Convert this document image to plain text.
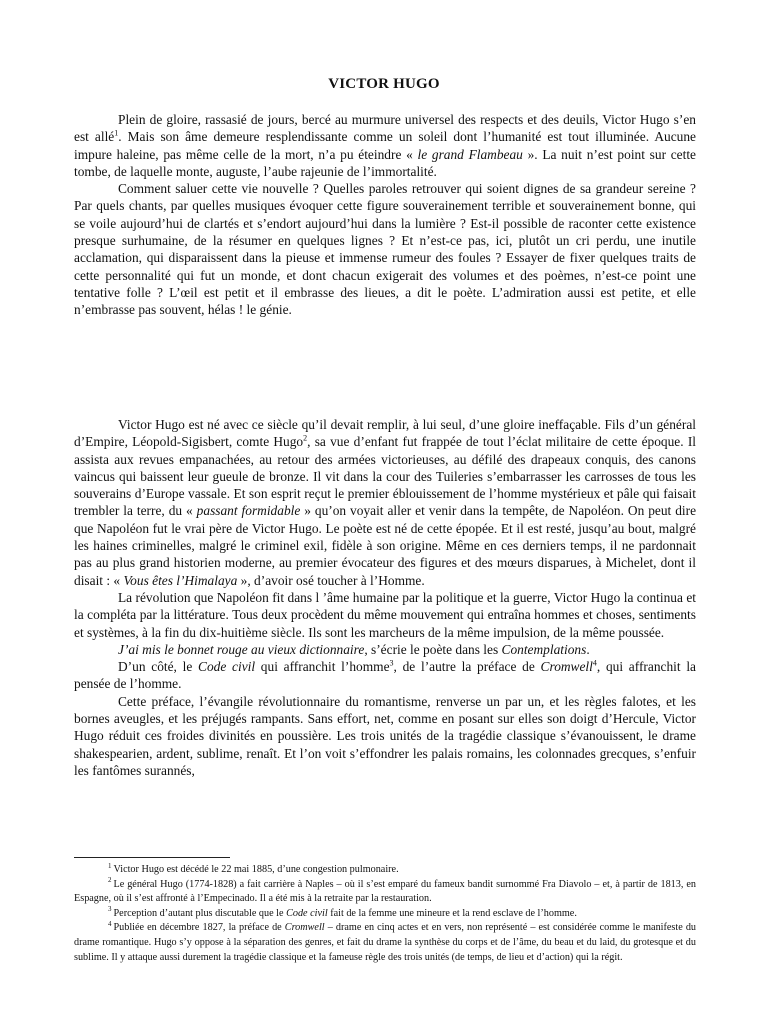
VICTOR HUGO

Plein de gloire, rassasié de jours, bercé au murmure universel des respects et des deuils, Victor Hugo s’en est allé$^1$. Mais son âme demeure resplendissante comme un soleil dont l’humanité est tout illuminée. Aucune impure haleine, pas même celle de la mort, n’a pu éteindre « le grand Flambeau ». La nuit n’est point sur cette tombe, de laquelle monte, auguste, l’aube rajeunie de l’immortalité.

Comment saluer cette vie nouvelle ? Quelles paroles retrouver qui soient dignes de sa grandeur sereine ? Par quels chants, par quelles musiques évoquer cette figure souverainement terrible et souverainement bonne, qui se voile aujourd’hui de clartés et s’endort aujourd’hui dans la lumière ? Est-il possible de raconter cette existence presque surhumaine, de la résumer en quelques lignes ? Et n’est-ce pas, ici, plutôt un cri perdu, une inutile acclamation, qui disparaissent dans la pieuse et immense rumeur des foules ? Essayer de fixer quelques traits de cette personnalité qui fut un monde, et dont chacun exigerait des volumes et des poèmes, n’est-ce point une tentative folle ? L’œil est petit et il embrasse des lieues, a dit le poète. L’admiration aussi est petite, et elle n’embrasse pas souvent, hélas ! le génie.

Victor Hugo est né avec ce siècle qu’il devait remplir, à lui seul, d’une gloire ineffaçable. Fils d’un général d’Empire, Léopold-Sigisbert, comte Hugo$^2$, sa vue d’enfant fut frappée de tout l’éclat militaire de cette époque. Il assista aux revues empanachées, au retour des armées victorieuses, au défilé des drapeaux conquis, des canons vaincus qui baissent leur gueule de bronze. Il vit dans la cour des Tuileries s’embarrasser les carrosses de tous les souverains d’Europe vassale. Et son esprit reçut le premier éblouissement de l’homme mystérieux et pâle qui faisait trembler la terre, du « passant formidable » qu’on voyait aller et venir dans la tempête, de Napoléon. On peut dire que Napoléon fut le vrai père de Victor Hugo. Le poète est né de cette épopée. Et il est resté, jusqu’au bout, malgré les haines criminelles, malgré le criminel exil, fidèle à son origine. Même en ces derniers temps, il ne pardonnait pas au plus grand historien moderne, au premier évocateur des figures et des mœurs disparues, à Michelet, dont il disait : « Vous êtes l’Himalaya », d’avoir osé toucher à l’Homme.

La révolution que Napoléon fit dans l ’âme humaine par la politique et la guerre, Victor Hugo la continua et la compléta par la littérature. Tous deux procèdent du même mouvement qui entraîna hommes et choses, sentiments et systèmes, à la fin du dix-huitième siècle. Ils sont les marcheurs de la même impulsion, de la même poussée.

J’ai mis le bonnet rouge au vieux dictionnaire, s’écrie le poète dans les Contemplations.

D’un côté, le Code civil qui affranchit l’homme$^3$, de l’autre la préface de Cromwell$^4$, qui affranchit la pensée de l’homme.

Cette préface, l’évangile révolutionnaire du romantisme, renverse un par un, et les règles falotes, et les bornes aveugles, et les préjugés rampants. Sans effort, net, comme en posant sur elles son doigt d’Hercule, Victor Hugo réduit ces froides divinités en poussière. Les trois unités de la tragédie classique s’évanouissent, le drame shakespearien, ardent, sublime, renaît. Et l’on voit s’effondrer les palais romains, les colonnades grecques, s’enfuir les fantômes surannés,

$^1$ Victor Hugo est décédé le 22 mai 1885, d’une congestion pulmonaire.

$^2$ Le général Hugo (1774-1828) a fait carrière à Naples – où il s’est emparé du fameux bandit surnommé Fra Diavolo – et, à partir de 1813, en Espagne, où il s’est affronté à l’Empecinado. Il a été mis à la retraite par la restauration.

$^3$ Perception d’autant plus discutable que le Code civil fait de la femme une mineure et la rend esclave de l’homme.

$^4$ Publiée en décembre 1827, la préface de Cromwell – drame en cinq actes et en vers, non représenté – est considérée comme le manifeste du drame romantique. Hugo s’y oppose à la séparation des genres, et fait du drame la synthèse du corps et de l’âme, du beau et du laid, du grotesque et du sublime. Il y attaque aussi durement la tragédie classique et la fameuse règle des trois unités (de temps, de lieu et d’action) qui la régit.
